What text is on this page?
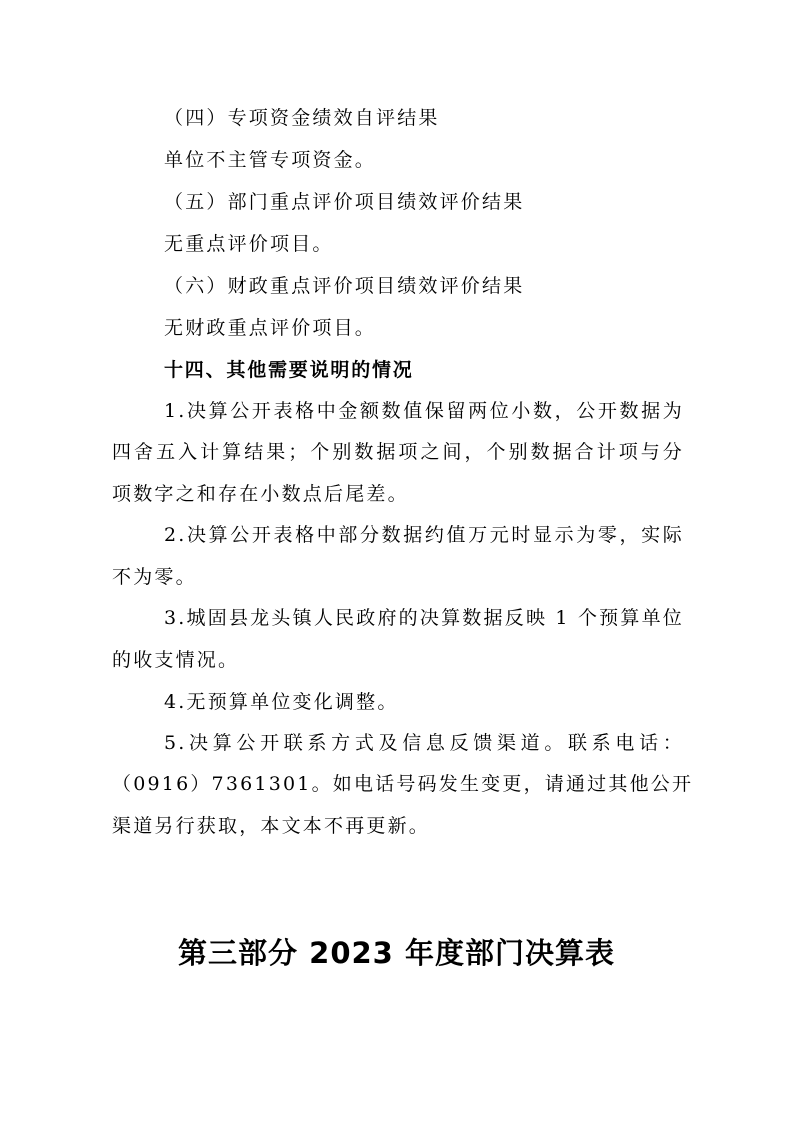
（四）专项资金绩效自评结果
单位不主管专项资金。
（五）部门重点评价项目绩效评价结果
无重点评价项目。
（六）财政重点评价项目绩效评价结果
无财政重点评价项目。
十四、其他需要说明的情况
1.决算公开表格中金额数值保留两位小数，公开数据为
四舍五入计算结果；个别数据项之间，个别数据合计项与分
项数字之和存在小数点后尾差。
2.决算公开表格中部分数据约值万元时显示为零，实际
不为零。
3.城固县龙头镇人民政府的决算数据反映 1 个预算单位
的收支情况。
4.无预算单位变化调整。
5.决算公开联系方式及信息反馈渠道。联系电话：
（0916）7361301。如电话号码发生变更，请通过其他公开
渠道另行获取，本文本不再更新。
第三部分 2023 年度部门决算表
